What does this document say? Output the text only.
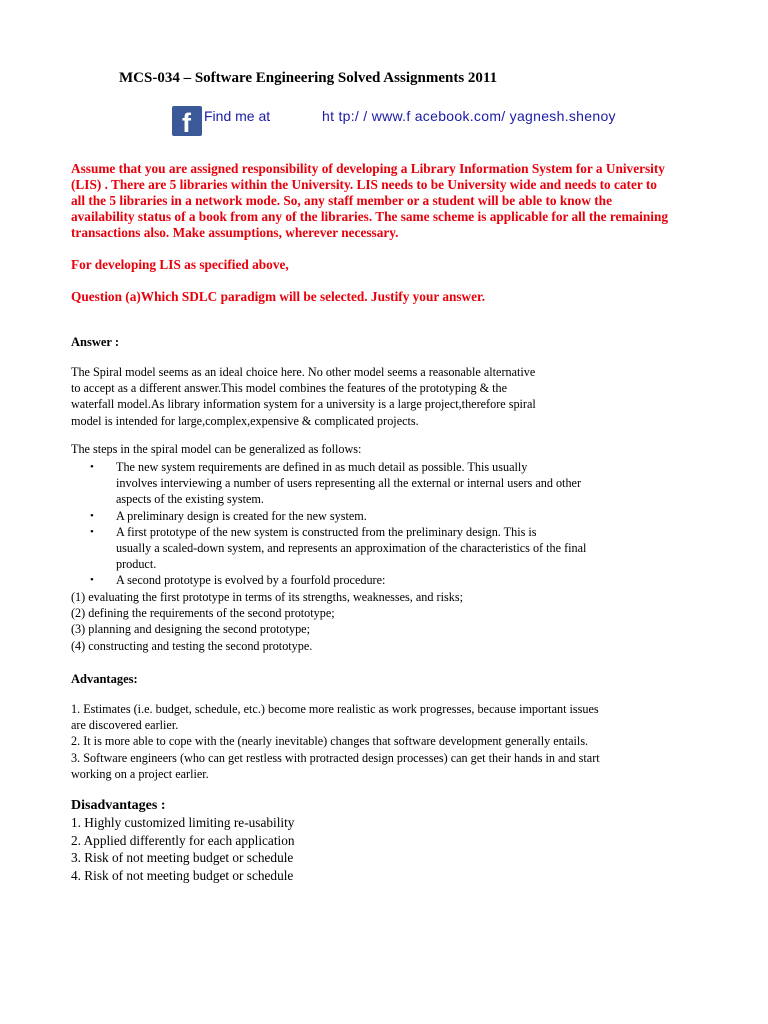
MCS-034 – Software Engineering Solved Assignments 2011
f Find me at	ht tp:/ / www.f acebook.com/ yagnesh.shenoy
Assume that you are assigned responsibility of developing a Library Information System for a University
(LIS) . There are 5 libraries within the University. LIS needs to be University wide and needs to cater to
all the 5 libraries in a network mode. So, any staff member or a student will be able to know the
availability status of a book from any of the libraries. The same scheme is applicable for all the remaining
transactions also. Make assumptions, wherever necessary.
For developing LIS as specified above,
Question (a)Which SDLC paradigm will be selected. Justify your answer.
Answer :
The Spiral model seems as an ideal choice here. No other model seems a reasonable alternative
to accept as a different answer.This model combines the features of the prototyping & the
waterfall model.As library information system for a university is a large project,therefore spiral
model is intended for large,complex,expensive & complicated projects.
The steps in the spiral model can be generalized as follows:
• The new system requirements are defined in as much detail as possible. This usually
involves interviewing a number of users representing all the external or internal users and other
aspects of the existing system.
• A preliminary design is created for the new system.
• A first prototype of the new system is constructed from the preliminary design. This is
usually a scaled-down system, and represents an approximation of the characteristics of the final
product.
• A second prototype is evolved by a fourfold procedure:
(1) evaluating the first prototype in terms of its strengths, weaknesses, and risks;
(2) defining the requirements of the second prototype;
(3) planning and designing the second prototype;
(4) constructing and testing the second prototype.
Advantages:
1. Estimates (i.e. budget, schedule, etc.) become more realistic as work progresses, because important issues
are discovered earlier.
2. It is more able to cope with the (nearly inevitable) changes that software development generally entails.
3. Software engineers (who can get restless with protracted design processes) can get their hands in and start
working on a project earlier.
Disadvantages :
1. Highly customized limiting re-usability
2. Applied differently for each application
3. Risk of not meeting budget or schedule
4. Risk of not meeting budget or schedule
